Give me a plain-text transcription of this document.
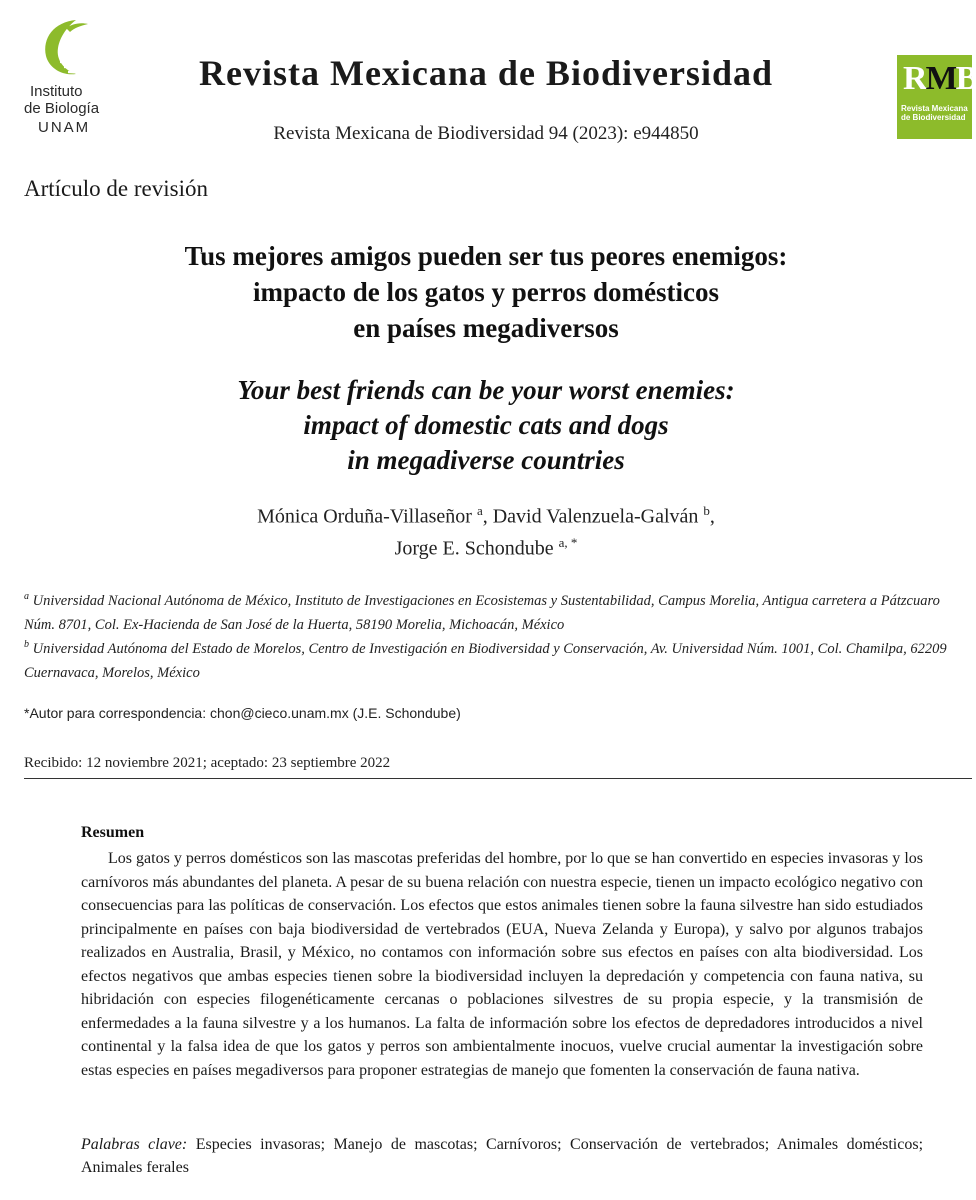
Instituto
de Biología
UNAM
Revista Mexicana de Biodiversidad
Revista Mexicana de Biodiversidad 94 (2023): e944850
RMB
Revista Mexicana de Biodiversidad
Artículo de revisión
Tus mejores amigos pueden ser tus peores enemigos:
impacto de los gatos y perros domésticos
en países megadiversos
Your best friends can be your worst enemies:
impact of domestic cats and dogs
in megadiverse countries
Mónica Orduña-Villaseñor $^a$, David Valenzuela-Galván $^b$,
Jorge E. Schondube $^{a, *}$
$^a$ Universidad Nacional Autónoma de México, Instituto de Investigaciones en Ecosistemas y Sustentabilidad, Campus Morelia, Antigua carretera a Pátzcuaro Núm. 8701, Col. Ex-Hacienda de San José de la Huerta, 58190 Morelia, Michoacán, México
$^b$ Universidad Autónoma del Estado de Morelos, Centro de Investigación en Biodiversidad y Conservación, Av. Universidad Núm. 1001, Col. Chamilpa, 62209 Cuernavaca, Morelos, México
*Autor para correspondencia: chon@cieco.unam.mx (J.E. Schondube)
Recibido: 12 noviembre 2021; aceptado: 23 septiembre 2022
Resumen
Los gatos y perros domésticos son las mascotas preferidas del hombre, por lo que se han convertido en especies invasoras y los carnívoros más abundantes del planeta. A pesar de su buena relación con nuestra especie, tienen un impacto ecológico negativo con consecuencias para las políticas de conservación. Los efectos que estos animales tienen sobre la fauna silvestre han sido estudiados principalmente en países con baja biodiversidad de vertebrados (EUA, Nueva Zelanda y Europa), y salvo por algunos trabajos realizados en Australia, Brasil, y México, no contamos con información sobre sus efectos en países con alta biodiversidad. Los efectos negativos que ambas especies tienen sobre la biodiversidad incluyen la depredación y competencia con fauna nativa, su hibridación con especies filogenéticamente cercanas o poblaciones silvestres de su propia especie, y la transmisión de enfermedades a la fauna silvestre y a los humanos. La falta de información sobre los efectos de depredadores introducidos a nivel continental y la falsa idea de que los gatos y perros son ambientalmente inocuos, vuelve crucial aumentar la investigación sobre estas especies en países megadiversos para proponer estrategias de manejo que fomenten la conservación de fauna nativa.
Palabras clave: Especies invasoras; Manejo de mascotas; Carnívoros; Conservación de vertebrados; Animales domésticos; Animales ferales
